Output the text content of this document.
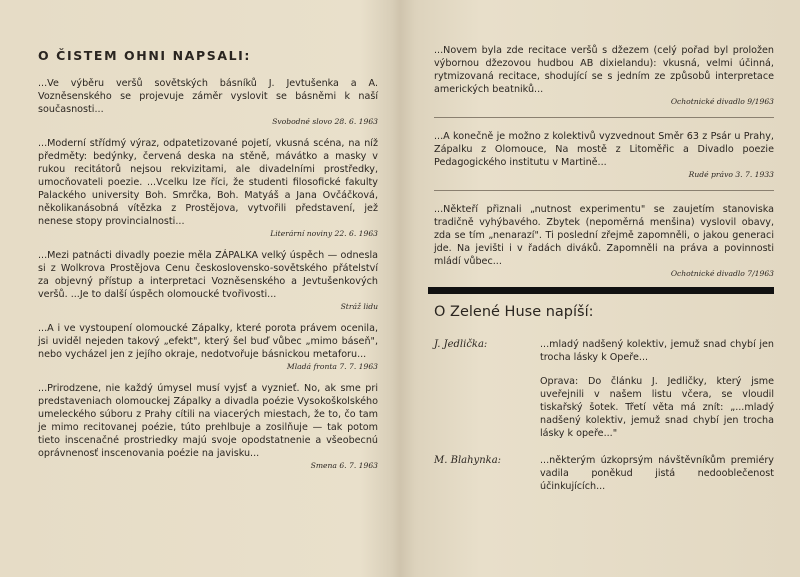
O ČISTEM OHNI NAPSALI:

...Ve výběru veršů sovětských básníků J. Jevtušenka a A. Vozněsenského se projevuje záměr vyslovit se básněmi k naší současnosti...

Svobodné slovo 28. 6. 1963

...Moderní střídmý výraz, odpatetizované pojetí, vkusná scéna, na níž předměty: bedýnky, červená deska na stěně, mávátko a masky v rukou recitátorů nejsou rekvizitami, ale divadelními prostředky, umocňovateli poezie. ...Vcelku lze říci, že studenti filosofické fakulty Palackého university Boh. Smrčka, Boh. Matyáš a Jana Ovčáčková, několikanásobná vítězka z Prostějova, vytvořili představení, jež nenese stopy provincialnosti...

Literární noviny 22. 6. 1963

...Mezi patnácti divadly poezie měla ZÁPALKA velký úspěch — odnesla si z Wolkrova Prostějova Cenu československo-sovětského přátelství za objevný přístup a interpretaci Vozněsenského a Jevtušenkových veršů. ...Je to další úspěch olomoucké tvořivosti...

Stráž lidu

...A i ve vystoupení olomoucké Zápalky, které porota právem ocenila, jsi uviděl nejeden takový „efekt", který šel buď vůbec „mimo báseň", nebo vycházel jen z jejího okraje, nedotvořuje básnickou metaforu...

Mladá fronta 7. 7. 1963

...Prirodzene, nie každý úmysel musí vyjsť a vyznieť. No, ak sme pri predstaveniach olomouckej Zápalky a divadla poézie Vysokoškolského umeleckého súboru z Prahy cítili na viacerých miestach, že to, čo tam je mimo recitovanej poézie, túto prehlbuje a zosilňuje — tak potom tieto inscenačné prostriedky majú svoje opodstatnenie a všeobecnú oprávnenosť inscenovania poézie na javisku...

Smena 6. 7. 1963

...Novem byla zde recitace veršů s džezem (celý pořad byl proložen výbornou džezovou hudbou AB dixielandu): vkusná, velmi účinná, rytmizovaná recitace, shodující se s jedním ze způsobů interpretace amerických beatniků...

Ochotnické divadlo 9/1963

...A konečně je možno z kolektivů vyzvednout Směr 63 z Psár u Prahy, Zápalku z Olomouce, Na mostě z Litoměřic a Divadlo poezie Pedagogického institutu v Martině...

Rudé právo 3. 7. 1933

...Někteří přiznali „nutnost experimentu" se zaujetím stanoviska tradičně vyhýbavého. Zbytek (nepoměrná menšina) vyslovil obavy, zda se tím „nenarazí". Ti poslední zřejmě zapomněli, o jakou generaci jde. Na jevišti i v řadách diváků. Zapomněli na práva a povinnosti mládí vůbec...

Ochotnické divadlo 7/1963

O Zelené Huse napíší:
J. Jedlička:	...mladý nadšený kolektiv, jemuž snad chybí jen trocha lásky k Opeře...
Oprava: Do článku J. Jedličky, který jsme uveřejnili v našem listu včera, se vloudil tiskařský šotek. Třetí věta má znít: „...mladý nadšený kolektiv, jemuž snad chybí jen trocha lásky k opeře..."
M. Blahynka:	...některým úzkoprsým návštěvníkům premiéry vadila poněkud jistá nedooblečenost účinkujících...
